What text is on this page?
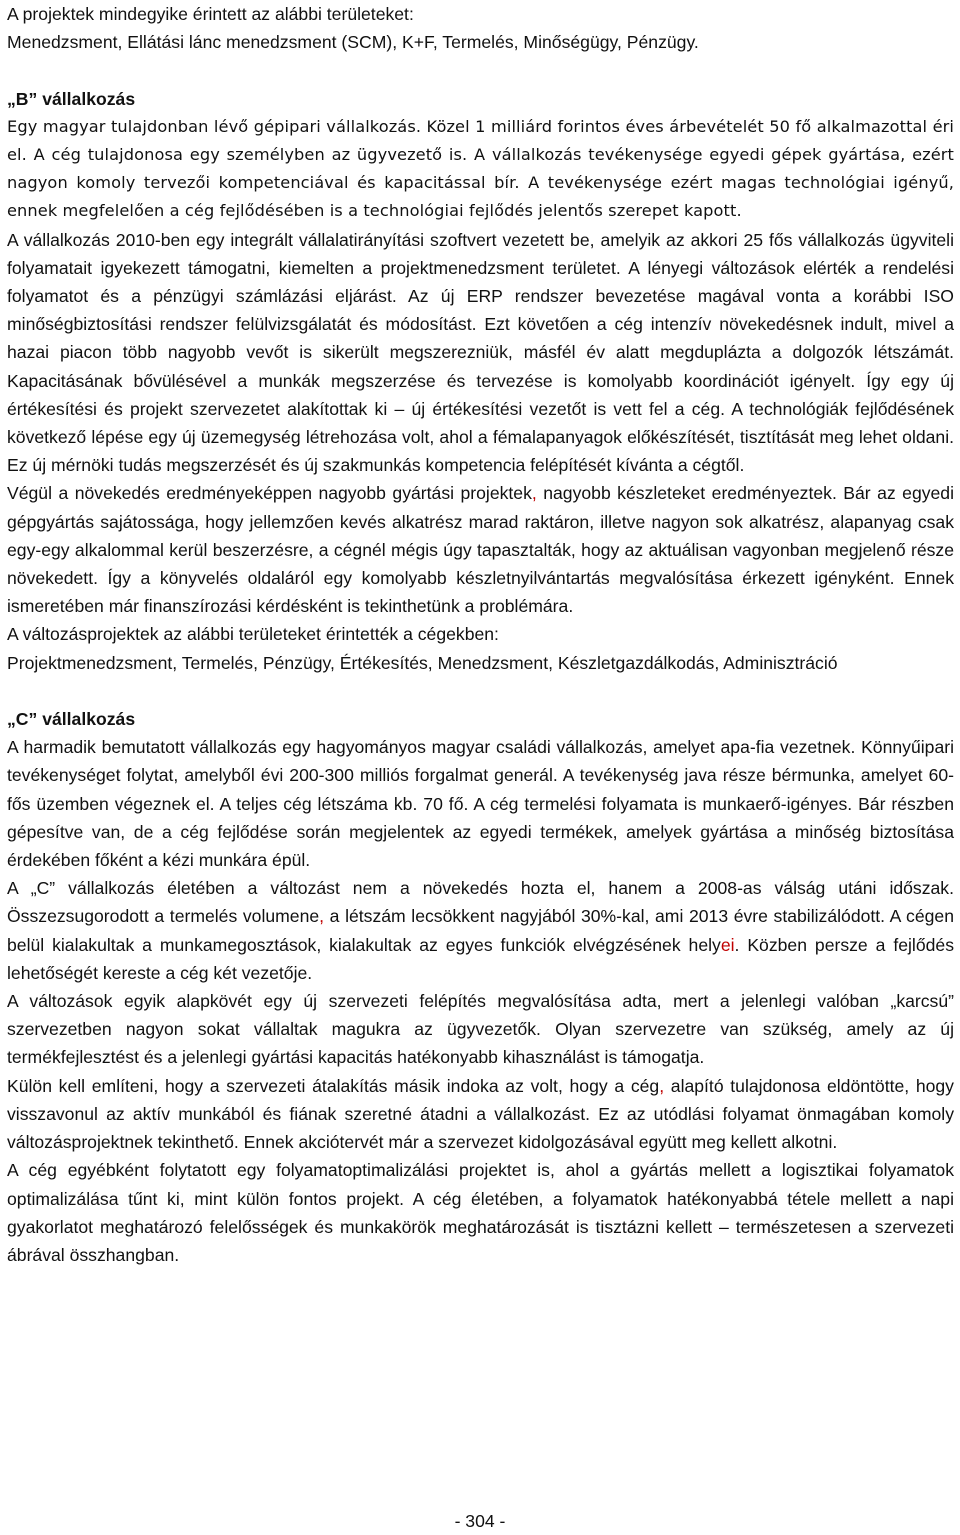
A projektek mindegyike érintett az alábbi területeket:

Menedzsment, Ellátási lánc menedzsment (SCM), K+F, Termelés, Minőségügy, Pénzügy.

„B” vállalkozás

Egy magyar tulajdonban lévő gépipari vállalkozás. Közel 1 milliárd forintos éves árbevételét 50 fő alkalmazottal éri el. A cég tulajdonosa egy személyben az ügyvezető is. A vállalkozás tevékenysége egyedi gépek gyártása, ezért nagyon komoly tervezői kompetenciával és kapacitással bír. A tevékenysége ezért magas technológiai igényű, ennek megfelelően a cég fejlődésében is a technológiai fejlődés jelentős szerepet kapott.

A vállalkozás 2010-ben egy integrált vállalatirányítási szoftvert vezetett be, amelyik az akkori 25 fős vállalkozás ügyviteli folyamatait igyekezett támogatni, kiemelten a projektmenedzsment területet. A lényegi változások elérték a rendelési folyamatot és a pénzügyi számlázási eljárást. Az új ERP rendszer bevezetése magával vonta a korábbi ISO minőségbiztosítási rendszer felülvizsgálatát és módosítást. Ezt követően a cég intenzív növekedésnek indult, mivel a hazai piacon több nagyobb vevőt is sikerült megszerezniük, másfél év alatt megduplázta a dolgozók létszámát. Kapacitásának bővülésével a munkák megszerzése és tervezése is komolyabb koordinációt igényelt. Így egy új értékesítési és projekt szervezetet alakítottak ki – új értékesítési vezetőt is vett fel a cég. A technológiák fejlődésének következő lépése egy új üzemegység létrehozása volt, ahol a fémalapanyagok előkészítését, tisztítását meg lehet oldani. Ez új mérnöki tudás megszerzését és új szakmunkás kompetencia felépítését kívánta a cégtől.

Végül a növekedés eredményeképpen nagyobb gyártási projektek, nagyobb készleteket eredményeztek. Bár az egyedi gépgyártás sajátossága, hogy jellemzően kevés alkatrész marad raktáron, illetve nagyon sok alkatrész, alapanyag csak egy-egy alkalommal kerül beszerzésre, a cégnél mégis úgy tapasztalták, hogy az aktuálisan vagyonban megjelenő része növekedett. Így a könyvelés oldaláról egy komolyabb készletnyilvántartás megvalósítása érkezett igényként. Ennek ismeretében már finanszírozási kérdésként is tekinthetünk a problémára.

A változásprojektek az alábbi területeket érintették a cégekben:

Projektmenedzsment, Termelés, Pénzügy, Értékesítés, Menedzsment, Készletgazdálkodás, Adminisztráció

„C” vállalkozás

A harmadik bemutatott vállalkozás egy hagyományos magyar családi vállalkozás, amelyet apa-fia vezetnek. Könnyűipari tevékenységet folytat, amelyből évi 200-300 milliós forgalmat generál. A tevékenység java része bérmunka, amelyet 60-fős üzemben végeznek el. A teljes cég létszáma kb. 70 fő. A cég termelési folyamata is munkaerő-igényes. Bár részben gépesítve van, de a cég fejlődése során megjelentek az egyedi termékek, amelyek gyártása a minőség biztosítása érdekében főként a kézi munkára épül.

A „C” vállalkozás életében a változást nem a növekedés hozta el, hanem a 2008-as válság utáni időszak. Összezsugorodott a termelés volumene, a létszám lecsökkent nagyjából 30%-kal, ami 2013 évre stabilizálódott. A cégen belül kialakultak a munkamegosztások, kialakultak az egyes funkciók elvégzésének helyei. Közben persze a fejlődés lehetőségét kereste a cég két vezetője.

A változások egyik alapkövét egy új szervezeti felépítés megvalósítása adta, mert a jelenlegi valóban „karcsú” szervezetben nagyon sokat vállaltak magukra az ügyvezetők. Olyan szervezetre van szükség, amely az új termékfejlesztést és a jelenlegi gyártási kapacitás hatékonyabb kihasználást is támogatja.

Külön kell említeni, hogy a szervezeti átalakítás másik indoka az volt, hogy a cég, alapító tulajdonosa eldöntötte, hogy visszavonul az aktív munkából és fiának szeretné átadni a vállalkozást. Ez az utódlási folyamat önmagában komoly változásprojektnek tekinthető. Ennek akciótervét már a szervezet kidolgozásával együtt meg kellett alkotni.

A cég egyébként folytatott egy folyamatoptimalizálási projektet is, ahol a gyártás mellett a logisztikai folyamatok optimalizálása tűnt ki, mint külön fontos projekt. A cég életében, a folyamatok hatékonyabbá tétele mellett a napi gyakorlatot meghatározó felelősségek és munkakörök meghatározását is tisztázni kellett – természetesen a szervezeti ábrával összhangban.

- 304 -
